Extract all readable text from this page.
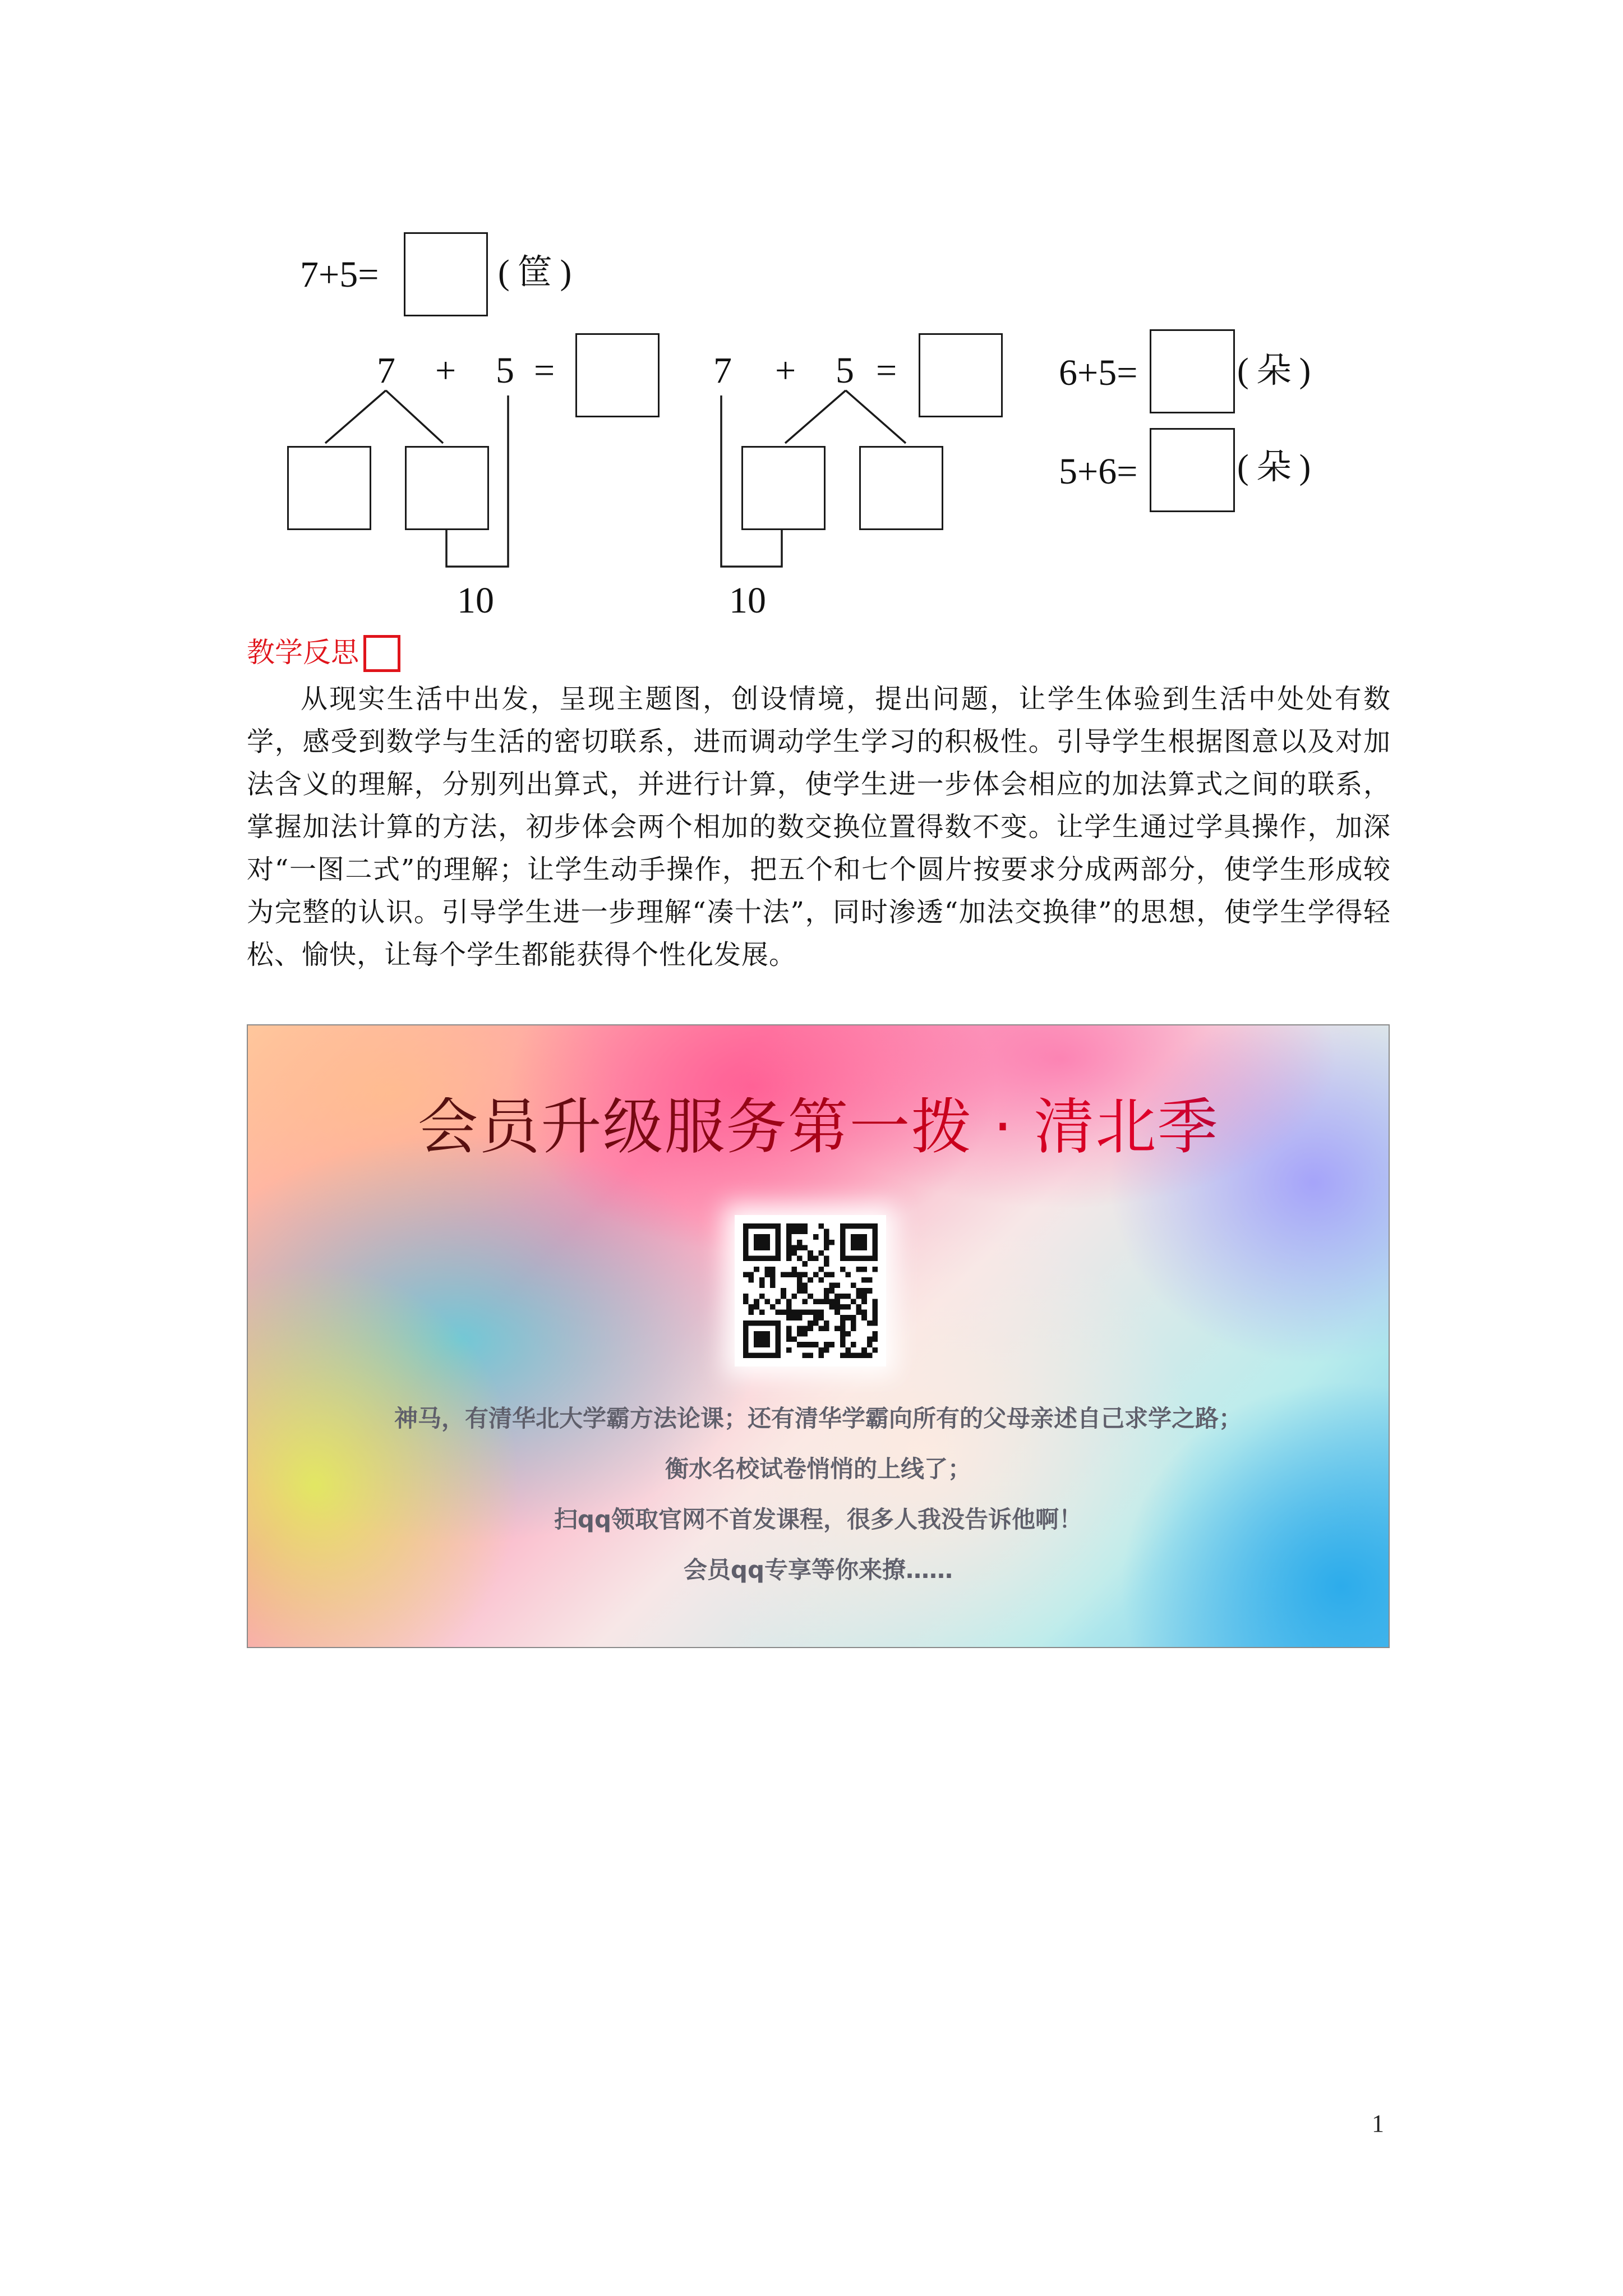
7+5=	(筐)
7 + 5 =
10
7 + 5 =
10
6+5=	(朵)
5+6=	(朵)
教学反思

从现实生活中出发，呈现主题图，创设情境，提出问题，让学生体验到生活中处处有数学，感受到数学与生活的密切联系，进而调动学生学习的积极性。引导学生根据图意以及对加法含义的理解，分别列出算式，并进行计算，使学生进一步体会相应的加法算式之间的联系，掌握加法计算的方法，初步体会两个相加的数交换位置得数不变。让学生通过学具操作，加深对“一图二式”的理解；让学生动手操作，把五个和七个圆片按要求分成两部分，使学生形成较为完整的认识。引导学生进一步理解“凑十法”，同时渗透“加法交换律”的思想，使学生学得轻松、愉快，让每个学生都能获得个性化发展。

会员升级服务第一拨 · 清北季
神马，有清华北大学霸方法论课；还有清华学霸向所有的父母亲述自己求学之路；
衡水名校试卷悄悄的上线了；
扫qq领取官网不首发课程，很多人我没告诉他啊！
会员qq专享等你来撩……
1
